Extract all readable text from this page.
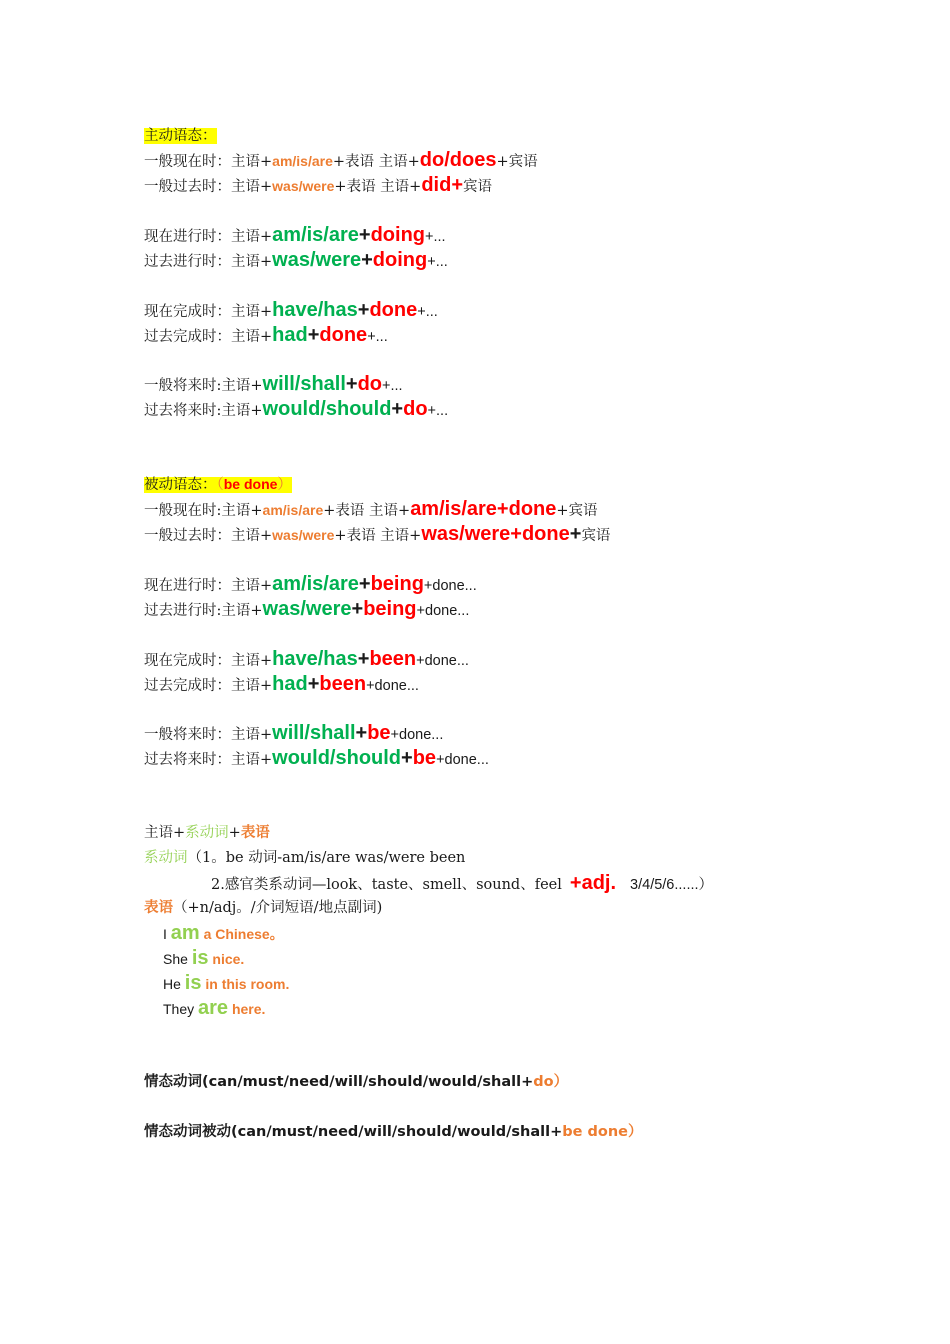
主动语态：
一般现在时：主语+am/is/are+表语 主语+do/does+宾语
一般过去时：主语+was/were+表语 主语+did+宾语
现在进行时：主语+am/is/are+doing+...
过去进行时：主语+was/were+doing+...
现在完成时：主语+have/has+done+...
过去完成时：主语+had+done+...
一般将来时:主语+will/shall+do+...
过去将来时:主语+would/should+do+...
被动语态：（be done）
一般现在时:主语+am/is/are+表语 主语+am/is/are+done+宾语
一般过去时：主语+was/were+表语 主语+was/were+done+宾语
现在进行时：主语+am/is/are+being+done...
过去进行时:主语+was/were+being+done...
现在完成时：主语+have/has+been+done...
过去完成时：主语+had+been+done...
一般将来时：主语+will/shall+be+done...
过去将来时：主语+would/should+be+done...
主语+系动词+表语
系动词（1。be 动词-am/is/are was/were been
2.感官类系动词—look、taste、smell、sound、feel +adj. 3/4/5/6......）
表语（+n/adj。/介词短语/地点副词)
I am a Chinese。
She is nice.
He is in this room.
They are here.
情态动词(can/must/need/will/should/would/shall+do）
情态动词被动(can/must/need/will/should/would/shall+be done）
